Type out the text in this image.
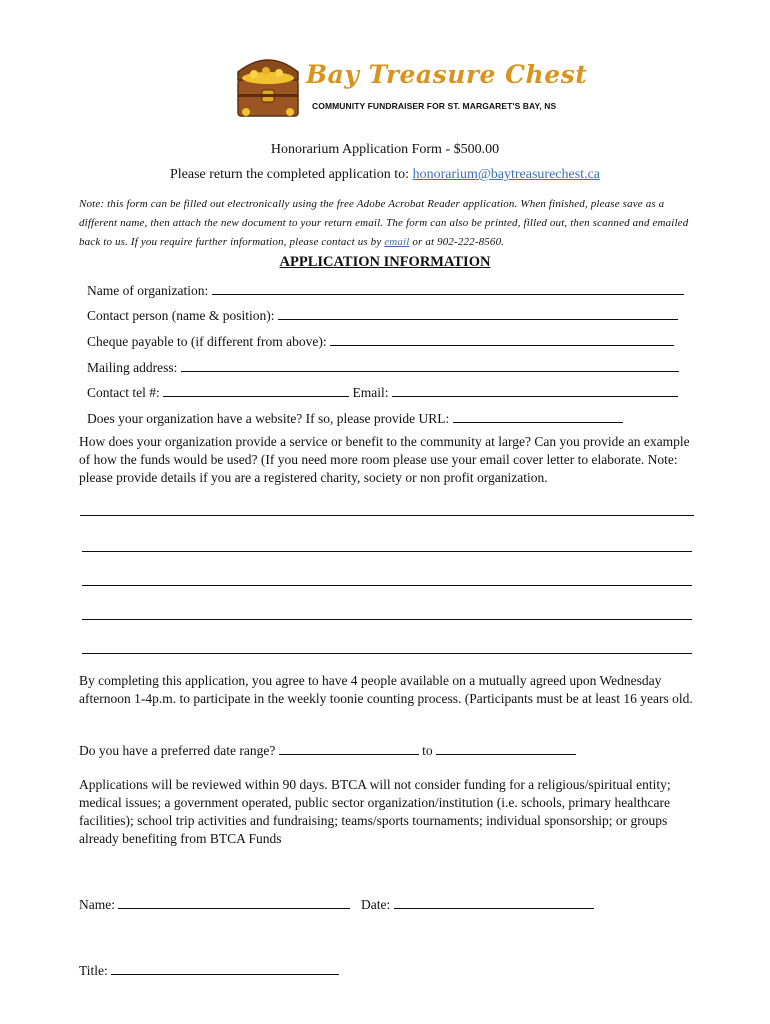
Bay Treasure Chest
COMMUNITY FUNDRAISER FOR ST. MARGARET'S BAY, NS
Honorarium Application Form - $500.00
Please return the completed application to: honorarium@baytreasurechest.ca
Note: this form can be filled out electronically using the free Adobe Acrobat Reader application. When finished, please save as a different name, then attach the new document to your return email. The form can also be printed, filled out, then scanned and emailed back to us. If you require further information, please contact us by email or at 902-222-8560.
APPLICATION INFORMATION
Name of organization:
Contact person (name & position):
Cheque payable to (if different from above):
Mailing address:
Contact tel #:	Email:
Does your organization have a website? If so, please provide URL:
How does your organization provide a service or benefit to the community at large? Can you provide an example of how the funds would be used? (If you need more room please use your email cover letter to elaborate. Note: please provide details if you are a registered charity, society or non profit organization.
By completing this application, you agree to have 4 people available on a mutually agreed upon Wednesday afternoon 1-4p.m. to participate in the weekly toonie counting process. (Participants must be at least 16 years old.
Do you have a preferred date range?	to
Applications will be reviewed within 90 days. BTCA will not consider funding for a religious/spiritual entity; medical issues; a government operated, public sector organization/institution (i.e. schools, primary healthcare facilities); school trip activities and fundraising; teams/sports tournaments; individual sponsorship; or groups already benefiting from BTCA Funds
Name:	Date:
Title:
